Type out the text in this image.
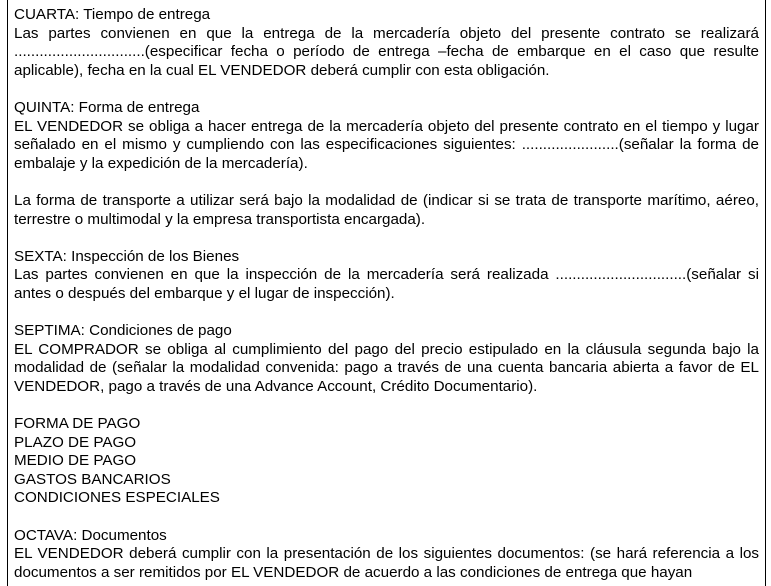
CUARTA: Tiempo de entrega

Las partes convienen en que la entrega de la mercadería objeto del presente contrato se realizará ...............................(especificar fecha o período de entrega –fecha de embarque en el caso que resulte aplicable), fecha en la cual EL VENDEDOR deberá cumplir con esta obligación.

QUINTA: Forma de entrega

EL VENDEDOR se obliga a hacer entrega de la mercadería objeto del presente contrato en el tiempo y lugar señalado en el mismo y cumpliendo con las especificaciones siguientes: .......................(señalar la forma de embalaje y la expedición de la mercadería).

La forma de transporte a utilizar será bajo la modalidad de (indicar si se trata de transporte marítimo, aéreo, terrestre o multimodal y la empresa transportista encargada).

SEXTA: Inspección de los Bienes

Las partes convienen en que la inspección de la mercadería será realizada ...............................(señalar si antes o después del embarque y el lugar de inspección).

SEPTIMA: Condiciones de pago

EL COMPRADOR se obliga al cumplimiento del pago del precio estipulado en la cláusula segunda bajo la modalidad de (señalar la modalidad convenida: pago a través de una cuenta bancaria abierta a favor de EL VENDEDOR, pago a través de una Advance Account, Crédito Documentario).

FORMA DE PAGO
PLAZO DE PAGO
MEDIO DE PAGO
GASTOS BANCARIOS
CONDICIONES ESPECIALES
OCTAVA: Documentos

EL VENDEDOR deberá cumplir con la presentación de los siguientes documentos: (se hará referencia a los documentos a ser remitidos por EL VENDEDOR de acuerdo a las condiciones de entrega que hayan
